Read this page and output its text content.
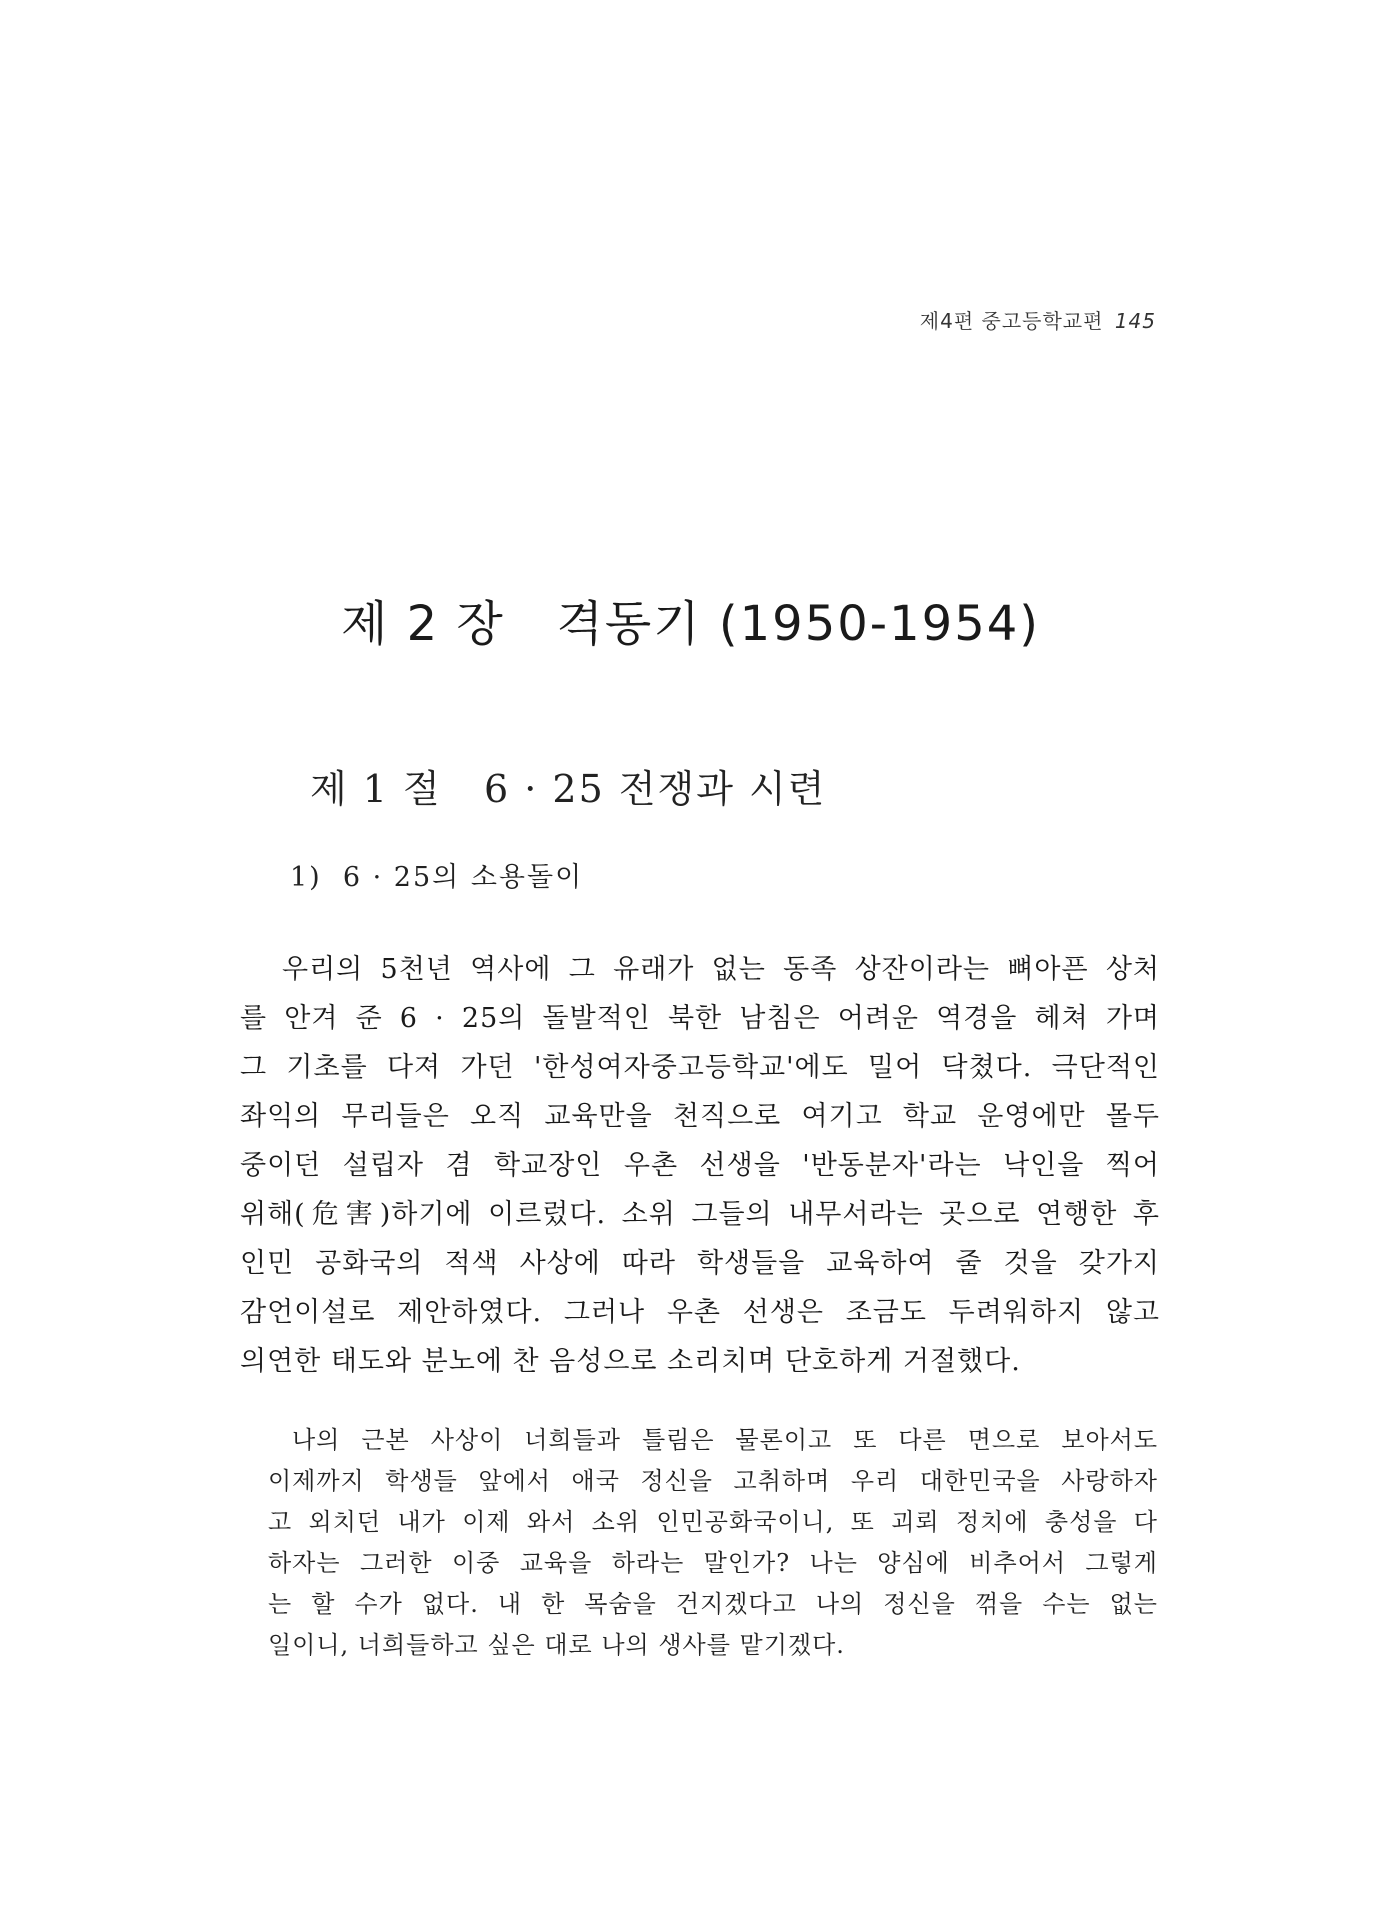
제4편 중고등학교편 145
제 2 장   격동기 (1950-1954)
제 1 절   6 · 25 전쟁과 시련
1)  6 · 25의 소용돌이
우리의 5천년 역사에 그 유래가 없는 동족 상잔이라는 뼈아픈 상처
를 안겨 준 6 · 25의 돌발적인 북한 남침은 어려운 역경을 헤쳐 가며
그 기초를 다져 가던 '한성여자중고등학교'에도 밀어 닥쳤다. 극단적인
좌익의 무리들은 오직 교육만을 천직으로 여기고 학교 운영에만 몰두
중이던 설립자 겸 학교장인 우촌 선생을 '반동분자'라는 낙인을 찍어
위해(危害)하기에 이르렀다. 소위 그들의 내무서라는 곳으로 연행한 후
인민 공화국의 적색 사상에 따라 학생들을 교육하여 줄 것을 갖가지
감언이설로 제안하였다. 그러나 우촌 선생은 조금도 두려워하지 않고
의연한 태도와 분노에 찬 음성으로 소리치며 단호하게 거절했다.
나의 근본 사상이 너희들과 틀림은 물론이고 또 다른 면으로 보아서도
이제까지 학생들 앞에서 애국 정신을 고취하며 우리 대한민국을 사랑하자
고 외치던 내가 이제 와서 소위 인민공화국이니, 또 괴뢰 정치에 충성을 다
하자는 그러한 이중 교육을 하라는 말인가? 나는 양심에 비추어서 그렇게
는 할 수가 없다. 내 한 목숨을 건지겠다고 나의 정신을 꺾을 수는 없는
일이니, 너희들하고 싶은 대로 나의 생사를 맡기겠다.
